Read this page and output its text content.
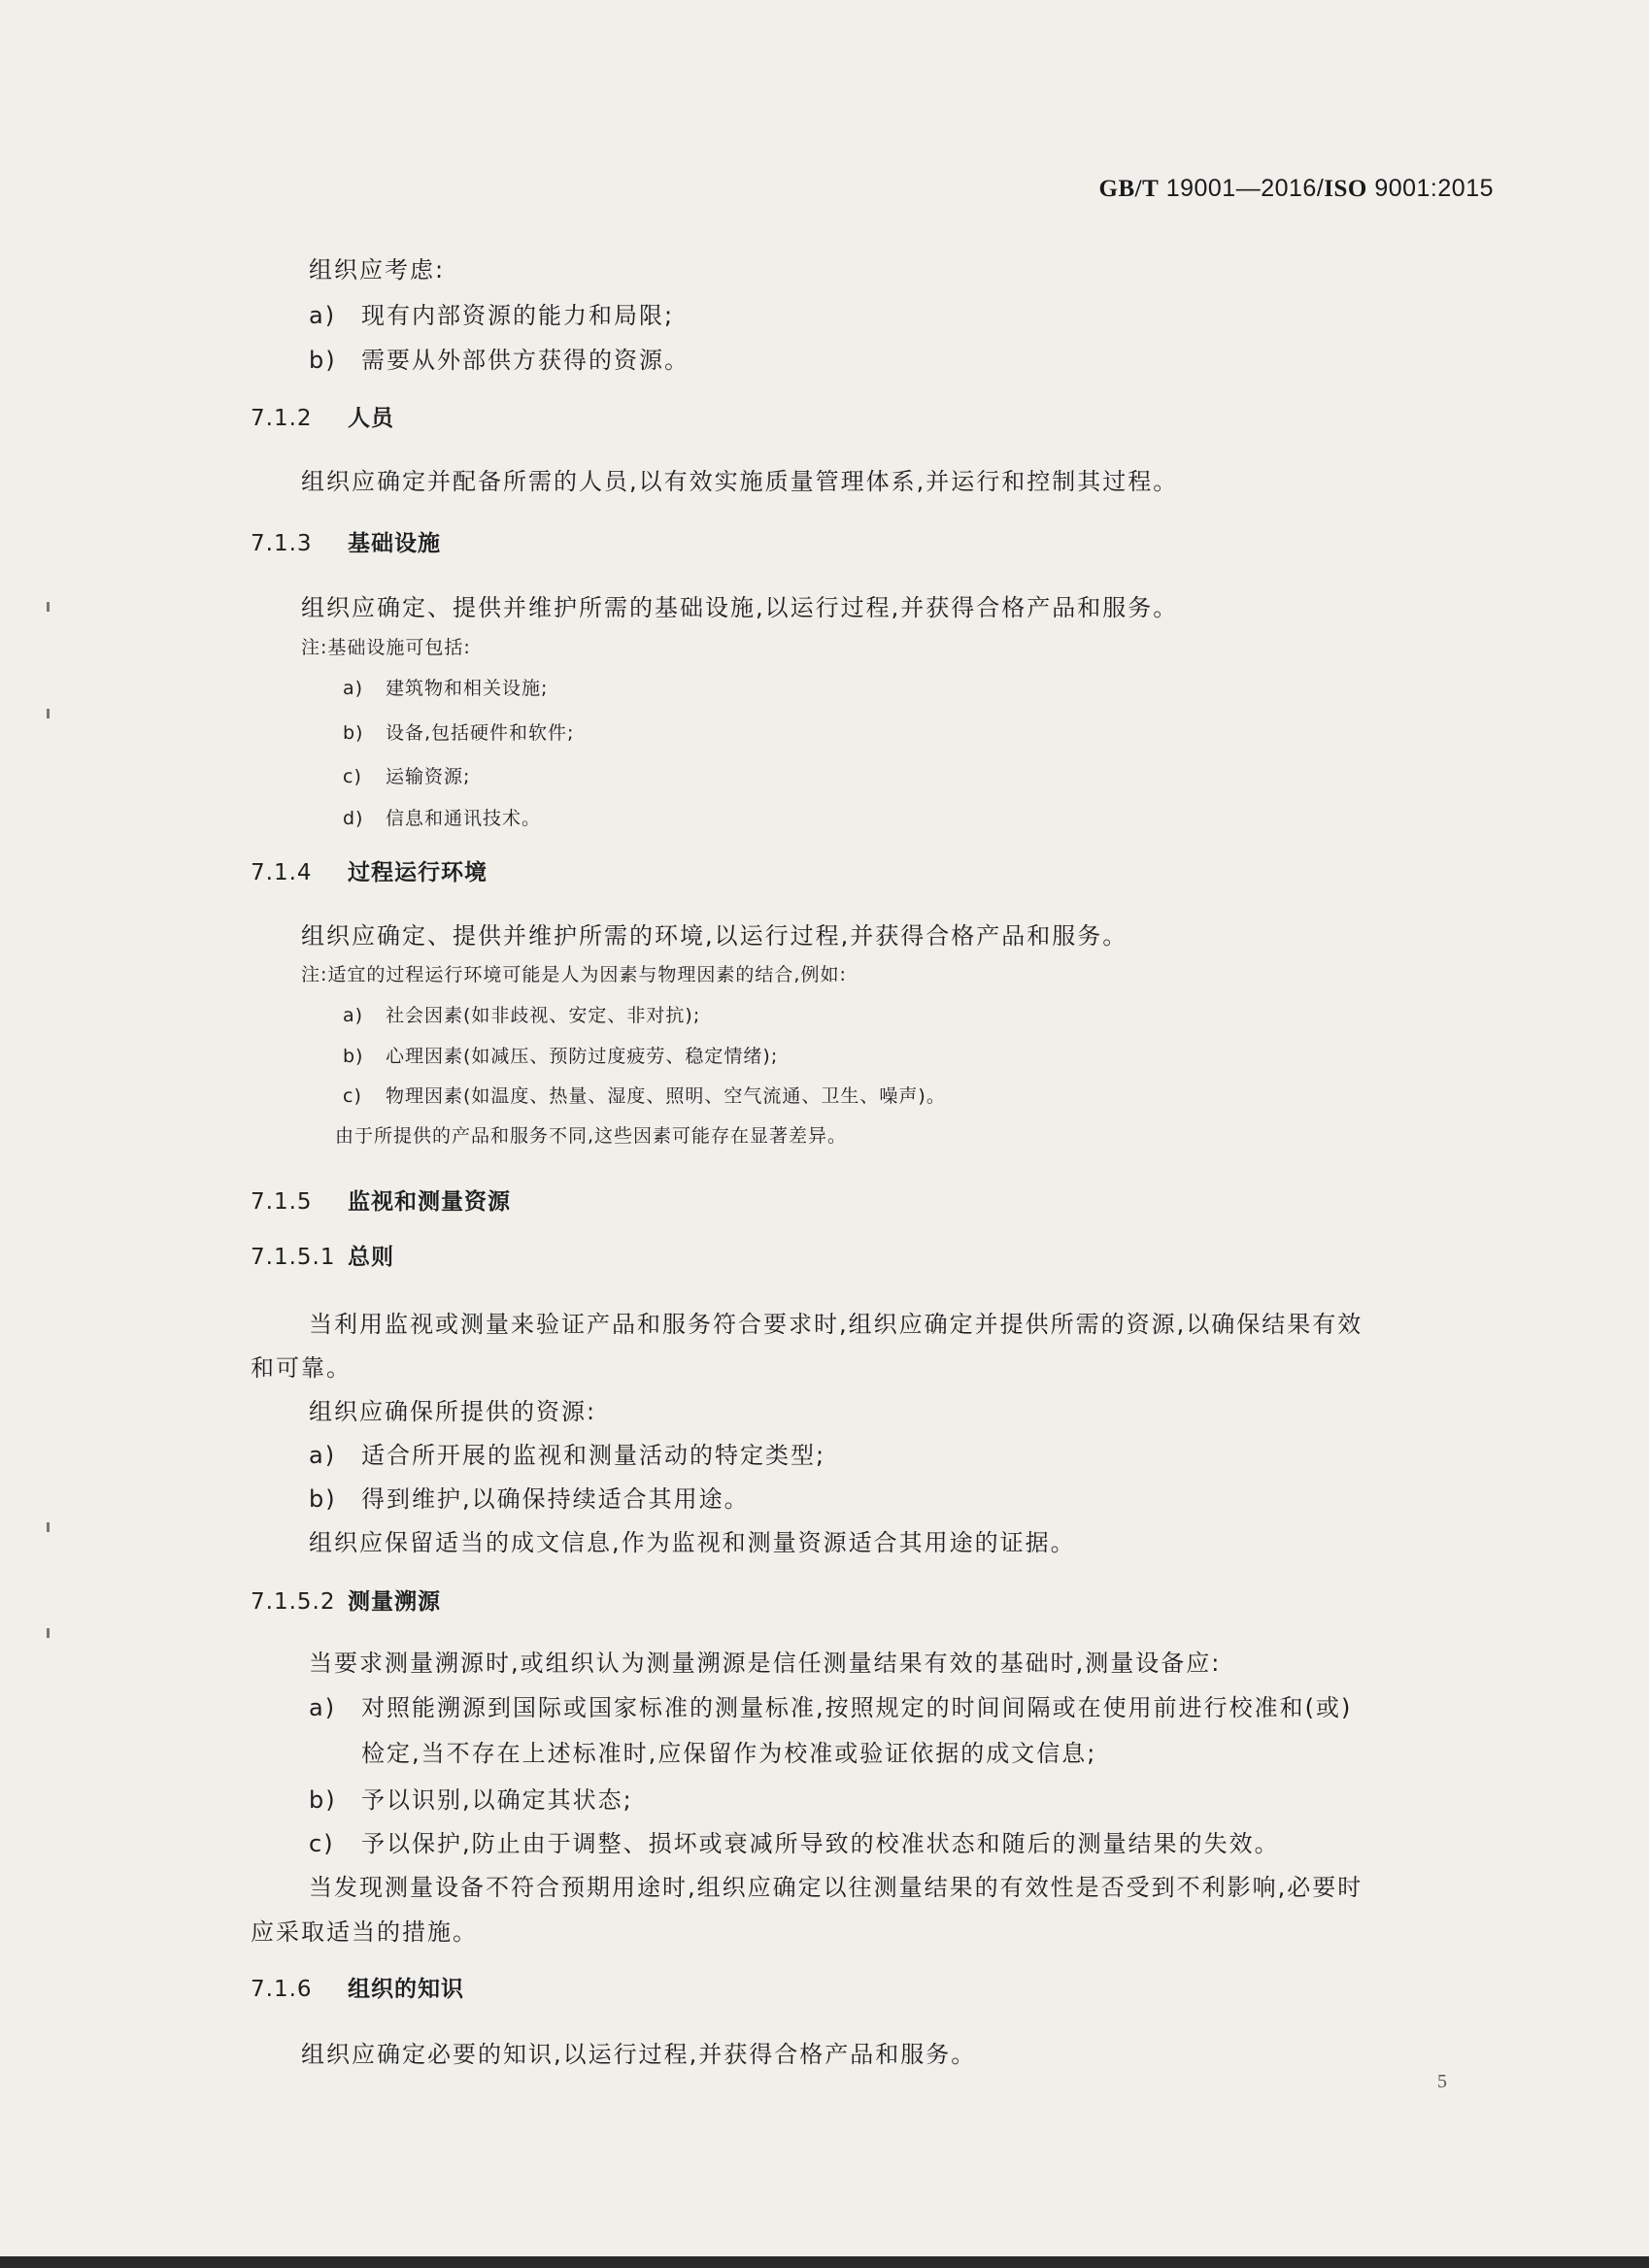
GB/T 19001—2016/ISO 9001:2015
组织应考虑:
a) 现有内部资源的能力和局限;
b) 需要从外部供方获得的资源。
7.1.2 人员
组织应确定并配备所需的人员,以有效实施质量管理体系,并运行和控制其过程。
7.1.3 基础设施
组织应确定、提供并维护所需的基础设施,以运行过程,并获得合格产品和服务。
注:基础设施可包括:
a) 建筑物和相关设施;
b) 设备,包括硬件和软件;
c) 运输资源;
d) 信息和通讯技术。
7.1.4 过程运行环境
组织应确定、提供并维护所需的环境,以运行过程,并获得合格产品和服务。
注:适宜的过程运行环境可能是人为因素与物理因素的结合,例如:
a) 社会因素(如非歧视、安定、非对抗);
b) 心理因素(如减压、预防过度疲劳、稳定情绪);
c) 物理因素(如温度、热量、湿度、照明、空气流通、卫生、噪声)。
由于所提供的产品和服务不同,这些因素可能存在显著差异。
7.1.5 监视和测量资源
7.1.5.1 总则
当利用监视或测量来验证产品和服务符合要求时,组织应确定并提供所需的资源,以确保结果有效
和可靠。
组织应确保所提供的资源:
a) 适合所开展的监视和测量活动的特定类型;
b) 得到维护,以确保持续适合其用途。
组织应保留适当的成文信息,作为监视和测量资源适合其用途的证据。
7.1.5.2 测量溯源
当要求测量溯源时,或组织认为测量溯源是信任测量结果有效的基础时,测量设备应:
a) 对照能溯源到国际或国家标准的测量标准,按照规定的时间间隔或在使用前进行校准和(或)
检定,当不存在上述标准时,应保留作为校准或验证依据的成文信息;
b) 予以识别,以确定其状态;
c) 予以保护,防止由于调整、损坏或衰减所导致的校准状态和随后的测量结果的失效。
当发现测量设备不符合预期用途时,组织应确定以往测量结果的有效性是否受到不利影响,必要时
应采取适当的措施。
7.1.6 组织的知识
组织应确定必要的知识,以运行过程,并获得合格产品和服务。
5
